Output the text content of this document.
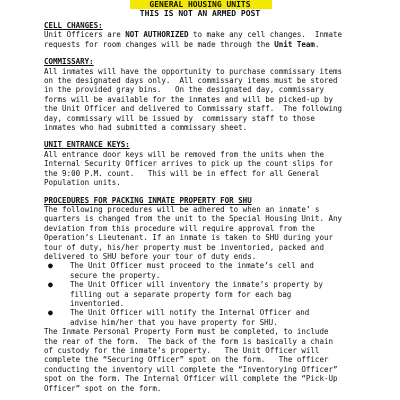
GENERAL HOUSING UNITS
THIS IS NOT AN ARMED POST
CELL CHANGES:
Unit Officers are NOT AUTHORIZED to make any cell changes.  Inmate
requests for room changes will be made through the Unit Team.
COMMISSARY:
All inmates will have the opportunity to purchase commissary items
on the designated days only.  All commissary items must be stored
in the provided gray bins.   On the designated day, commissary
forms will be available for the inmates and will be picked-up by
the Unit Officer and delivered to Commissary staff.  The following
day, commissary will be issued by  commissary staff to those
inmates who had submitted a commissary sheet.
UNIT ENTRANCE KEYS:
All entrance door keys will be removed from the units when the
Internal Security Officer arrives to pick up the count slips for
the 9:00 P.M. count.   This will be in effect for all General
Population units.
PROCEDURES FOR PACKING INMATE PROPERTY FOR SHU
The following procedures will be adhered to when an inmate’ s
quarters is changed from the unit to the Special Housing Unit. Any
deviation from this procedure will require approval from the
Operation’s Lieutenant. If an inmate is taken to SHU during your
tour of duty, his/her property must be inventoried, packed and
delivered to SHU before your tour of duty ends.
● The Unit Officer must proceed to the inmate’s cell and
secure the property.
● The Unit Officer will inventory the inmate’s property by
filling out a separate property form for each bag
inventoried.
● The Unit Officer will notify the Internal Officer and
advise him/her that you have property for SHU.
The Inmate Personal Property Form must be completed, to include
the rear of the form.  The back of the form is basically a chain
of custody for the inmate’s property.   The Unit Officer will
complete the “Securing Officer” spot on the form.   The officer
conducting the inventory will complete the “Inventorying Officer”
spot on the form. The Internal Officer will complete the “Pick-Up
Officer” spot on the form.
